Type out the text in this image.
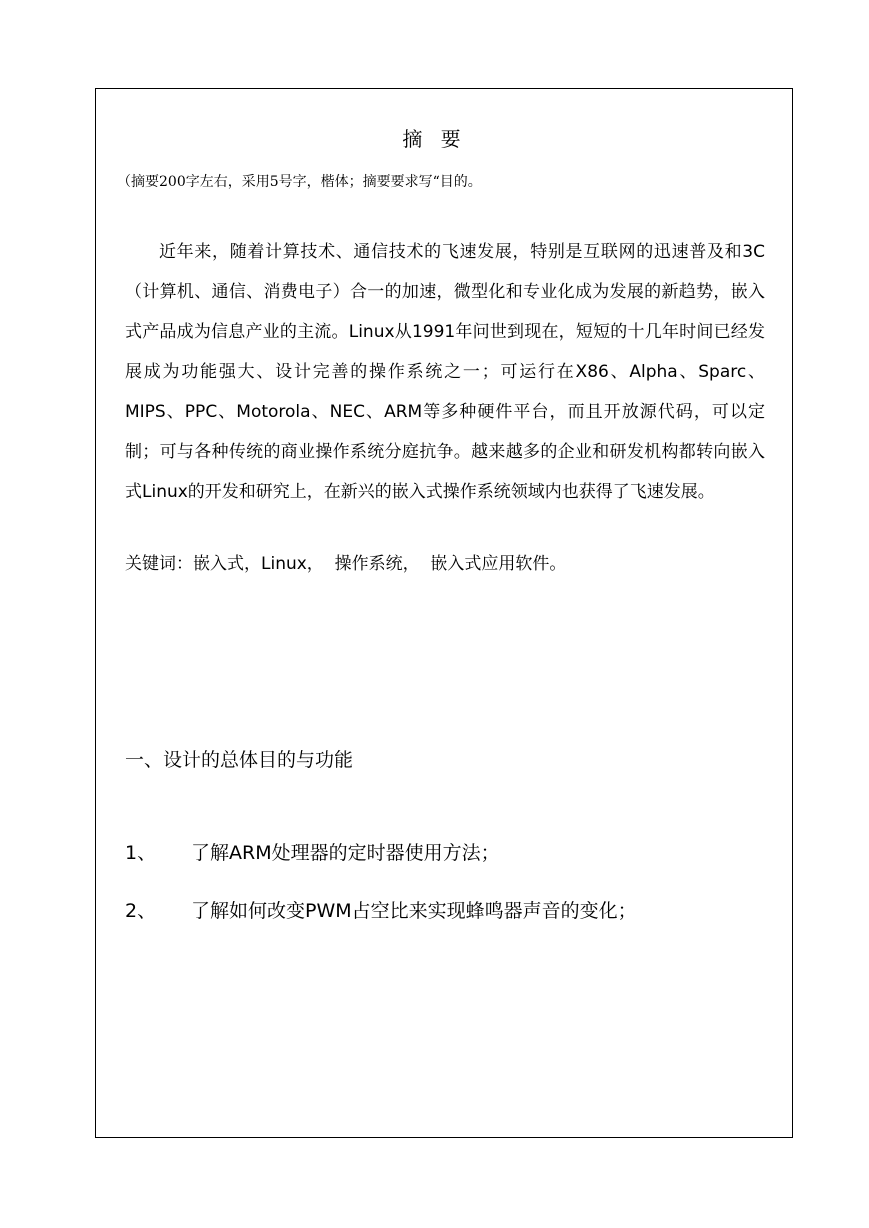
摘 要

（摘要200字左右，采用5号字，楷体；摘要要求写“目的。

近年来，随着计算技术、通信技术的飞速发展，特别是互联网的迅速普及和3C（计算机、通信、消费电子）合一的加速，微型化和专业化成为发展的新趋势，嵌入式产品成为信息产业的主流。Linux从1991年问世到现在，短短的十几年时间已经发展成为功能强大、设计完善的操作系统之一；可运行在X86、Alpha、Sparc、MIPS、PPC、Motorola、NEC、ARM等多种硬件平台，而且开放源代码，可以定制；可与各种传统的商业操作系统分庭抗争。越来越多的企业和研发机构都转向嵌入式Linux的开发和研究上，在新兴的嵌入式操作系统领域内也获得了飞速发展。

关键词：嵌入式，Linux，  操作系统，  嵌入式应用软件。

一、设计的总体目的与功能

1、 了解ARM处理器的定时器使用方法；

2、 了解如何改变PWM占空比来实现蜂鸣器声音的变化；
